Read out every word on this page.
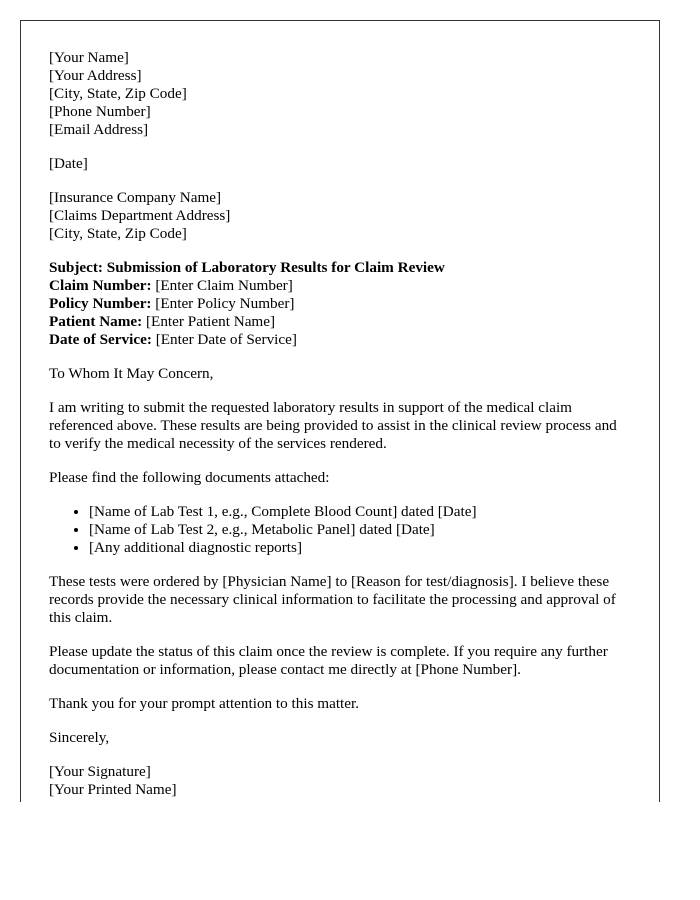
[Your Name]
[Your Address]
[City, State, Zip Code]
[Phone Number]
[Email Address]
[Date]
[Insurance Company Name]
[Claims Department Address]
[City, State, Zip Code]
Subject: Submission of Laboratory Results for Claim Review
Claim Number: [Enter Claim Number]
Policy Number: [Enter Policy Number]
Patient Name: [Enter Patient Name]
Date of Service: [Enter Date of Service]

To Whom It May Concern,

I am writing to submit the requested laboratory results in support of the medical claim referenced above. These results are being provided to assist in the clinical review process and to verify the medical necessity of the services rendered.

Please find the following documents attached:

• [Name of Lab Test 1, e.g., Complete Blood Count] dated [Date]
• [Name of Lab Test 2, e.g., Metabolic Panel] dated [Date]
• [Any additional diagnostic reports]

These tests were ordered by [Physician Name] to [Reason for test/diagnosis]. I believe these records provide the necessary clinical information to facilitate the processing and approval of this claim.

Please update the status of this claim once the review is complete. If you require any further documentation or information, please contact me directly at [Phone Number].

Thank you for your prompt attention to this matter.

Sincerely,

[Your Signature]
[Your Printed Name]
